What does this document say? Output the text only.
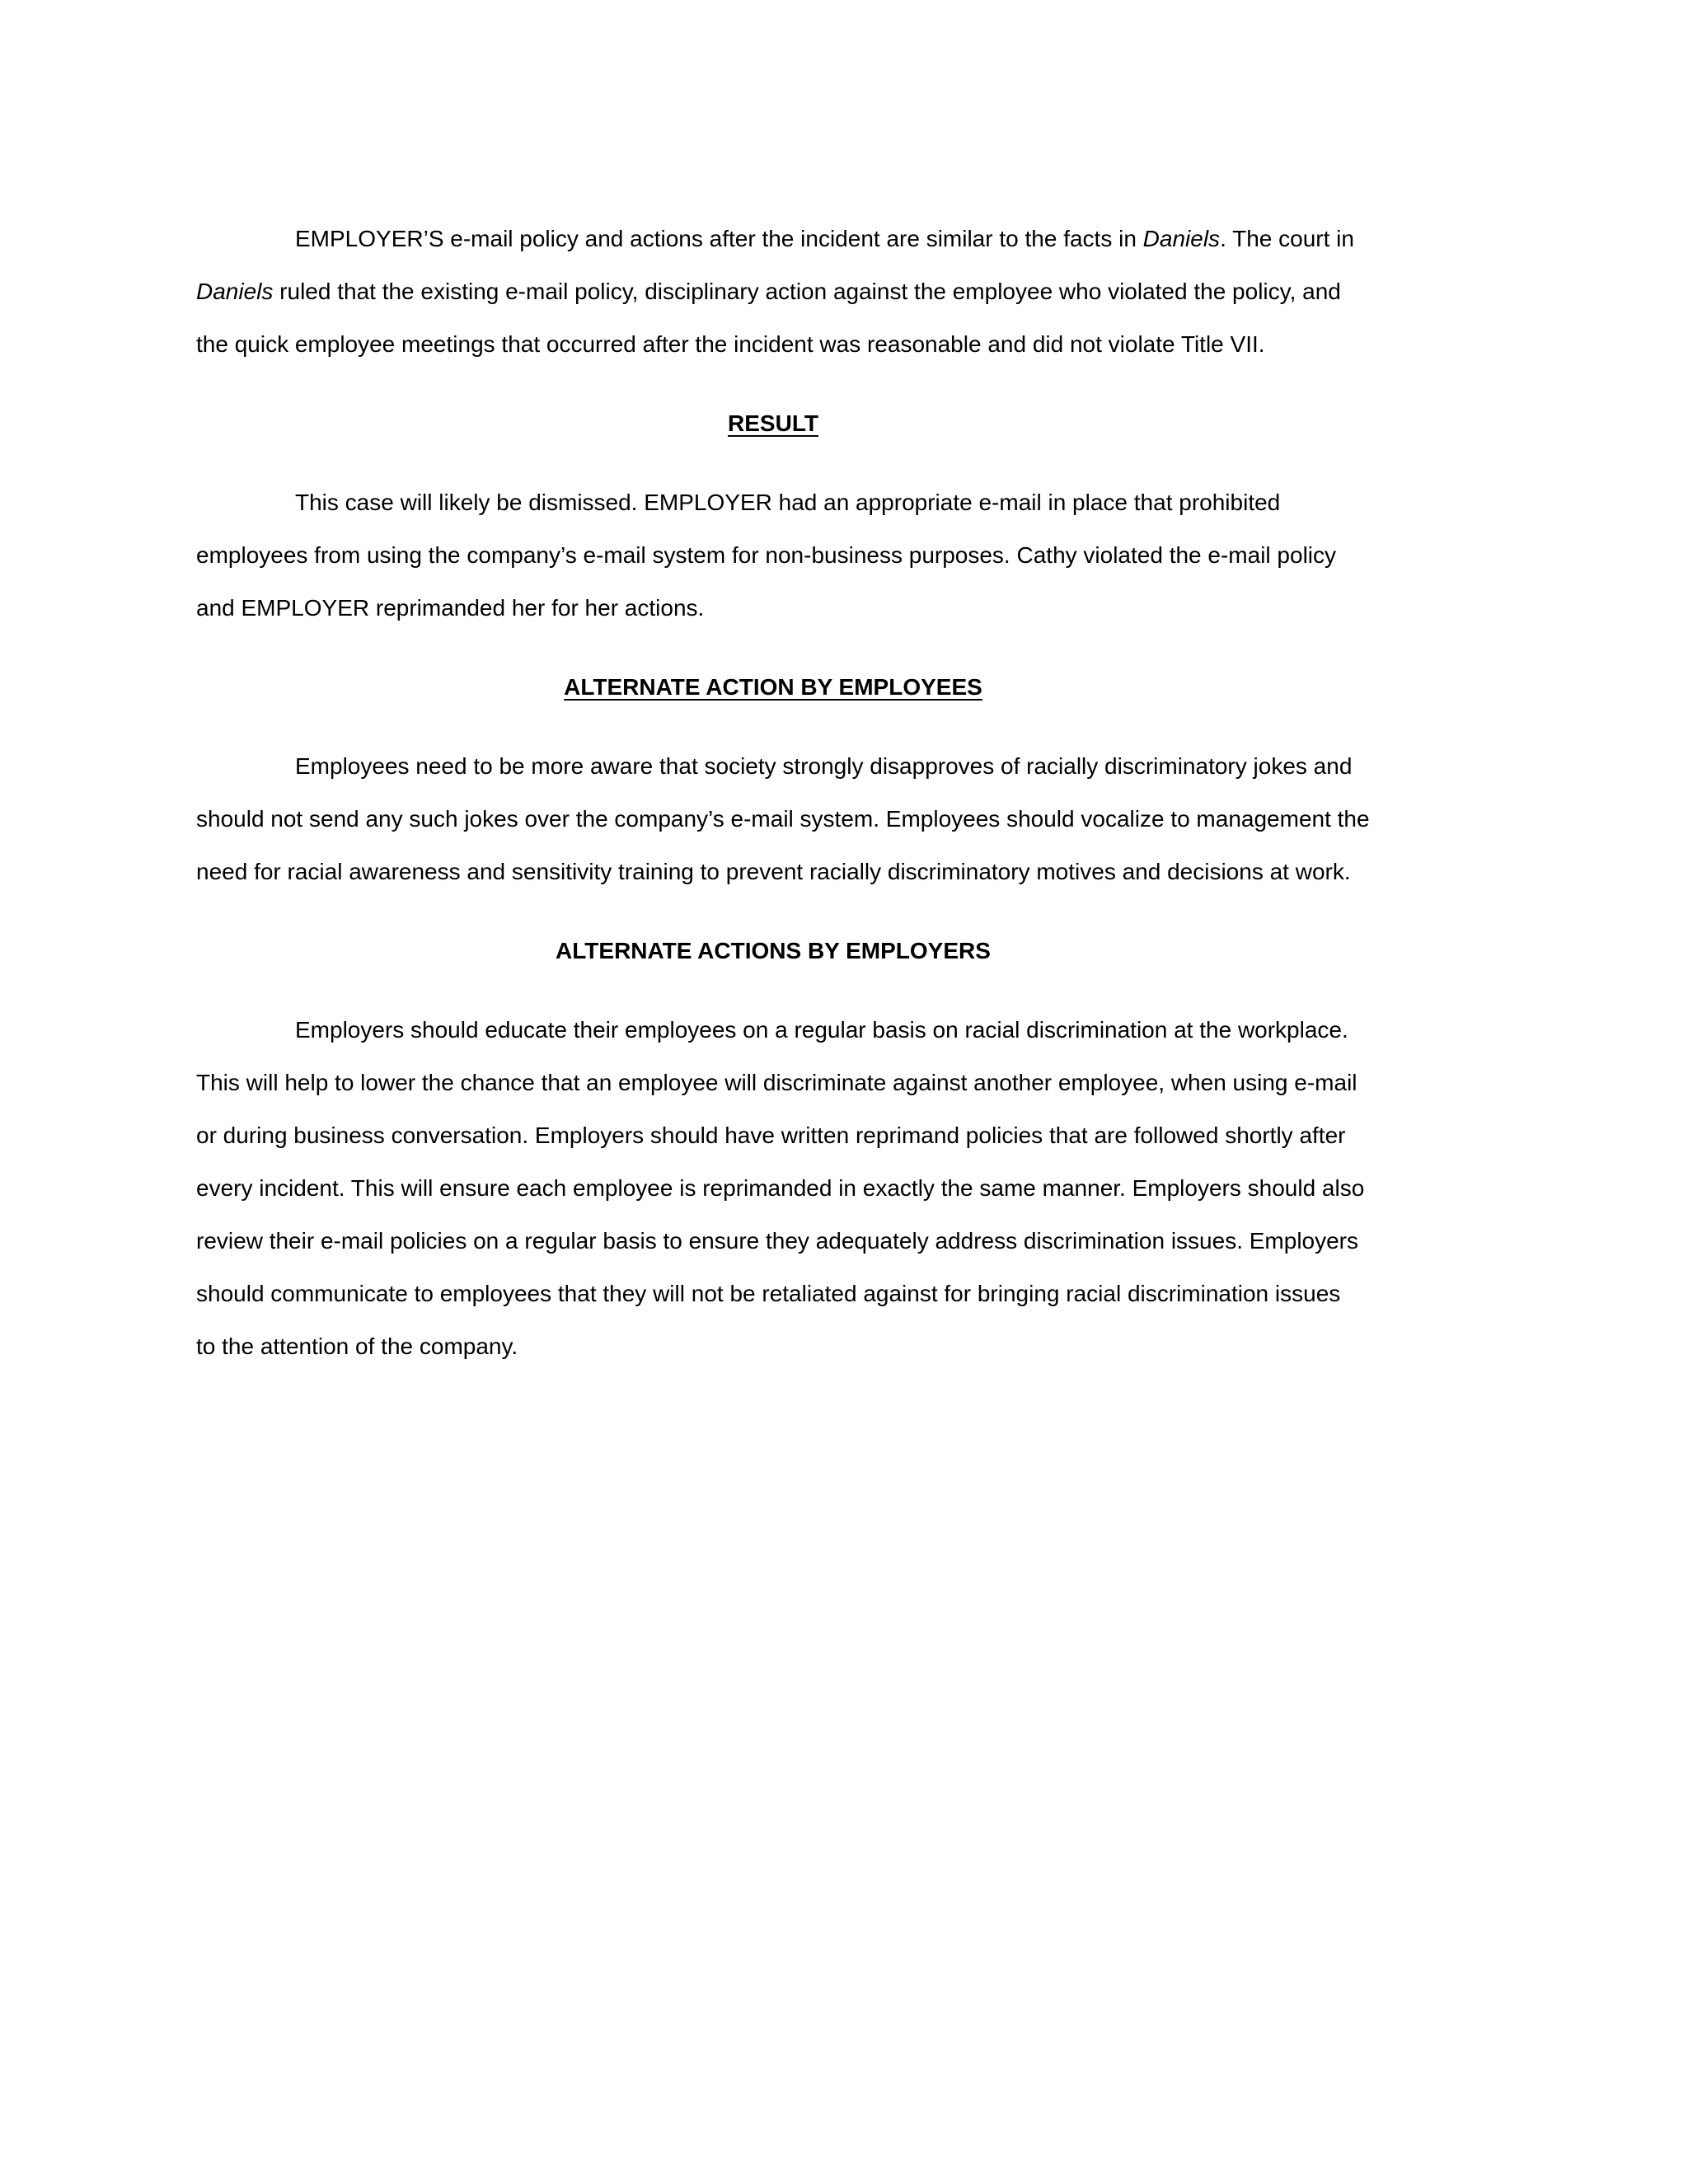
EMPLOYER’S e-mail policy and actions after the incident are similar to the facts in Daniels. The court in
Daniels ruled that the existing e-mail policy, disciplinary action against the employee who violated the policy, and
the quick employee meetings that occurred after the incident was reasonable and did not violate Title VII.

RESULT

This case will likely be dismissed. EMPLOYER had an appropriate e-mail in place that prohibited
employees from using the company’s e-mail system for non-business purposes. Cathy violated the e-mail policy
and EMPLOYER reprimanded her for her actions.

ALTERNATE ACTION BY EMPLOYEES

Employees need to be more aware that society strongly disapproves of racially discriminatory jokes and
should not send any such jokes over the company’s e-mail system. Employees should vocalize to management the
need for racial awareness and sensitivity training to prevent racially discriminatory motives and decisions at work.

ALTERNATE ACTIONS BY EMPLOYERS

Employers should educate their employees on a regular basis on racial discrimination at the workplace.
This will help to lower the chance that an employee will discriminate against another employee, when using e-mail
or during business conversation. Employers should have written reprimand policies that are followed shortly after
every incident. This will ensure each employee is reprimanded in exactly the same manner. Employers should also
review their e-mail policies on a regular basis to ensure they adequately address discrimination issues. Employers
should communicate to employees that they will not be retaliated against for bringing racial discrimination issues
to the attention of the company.
